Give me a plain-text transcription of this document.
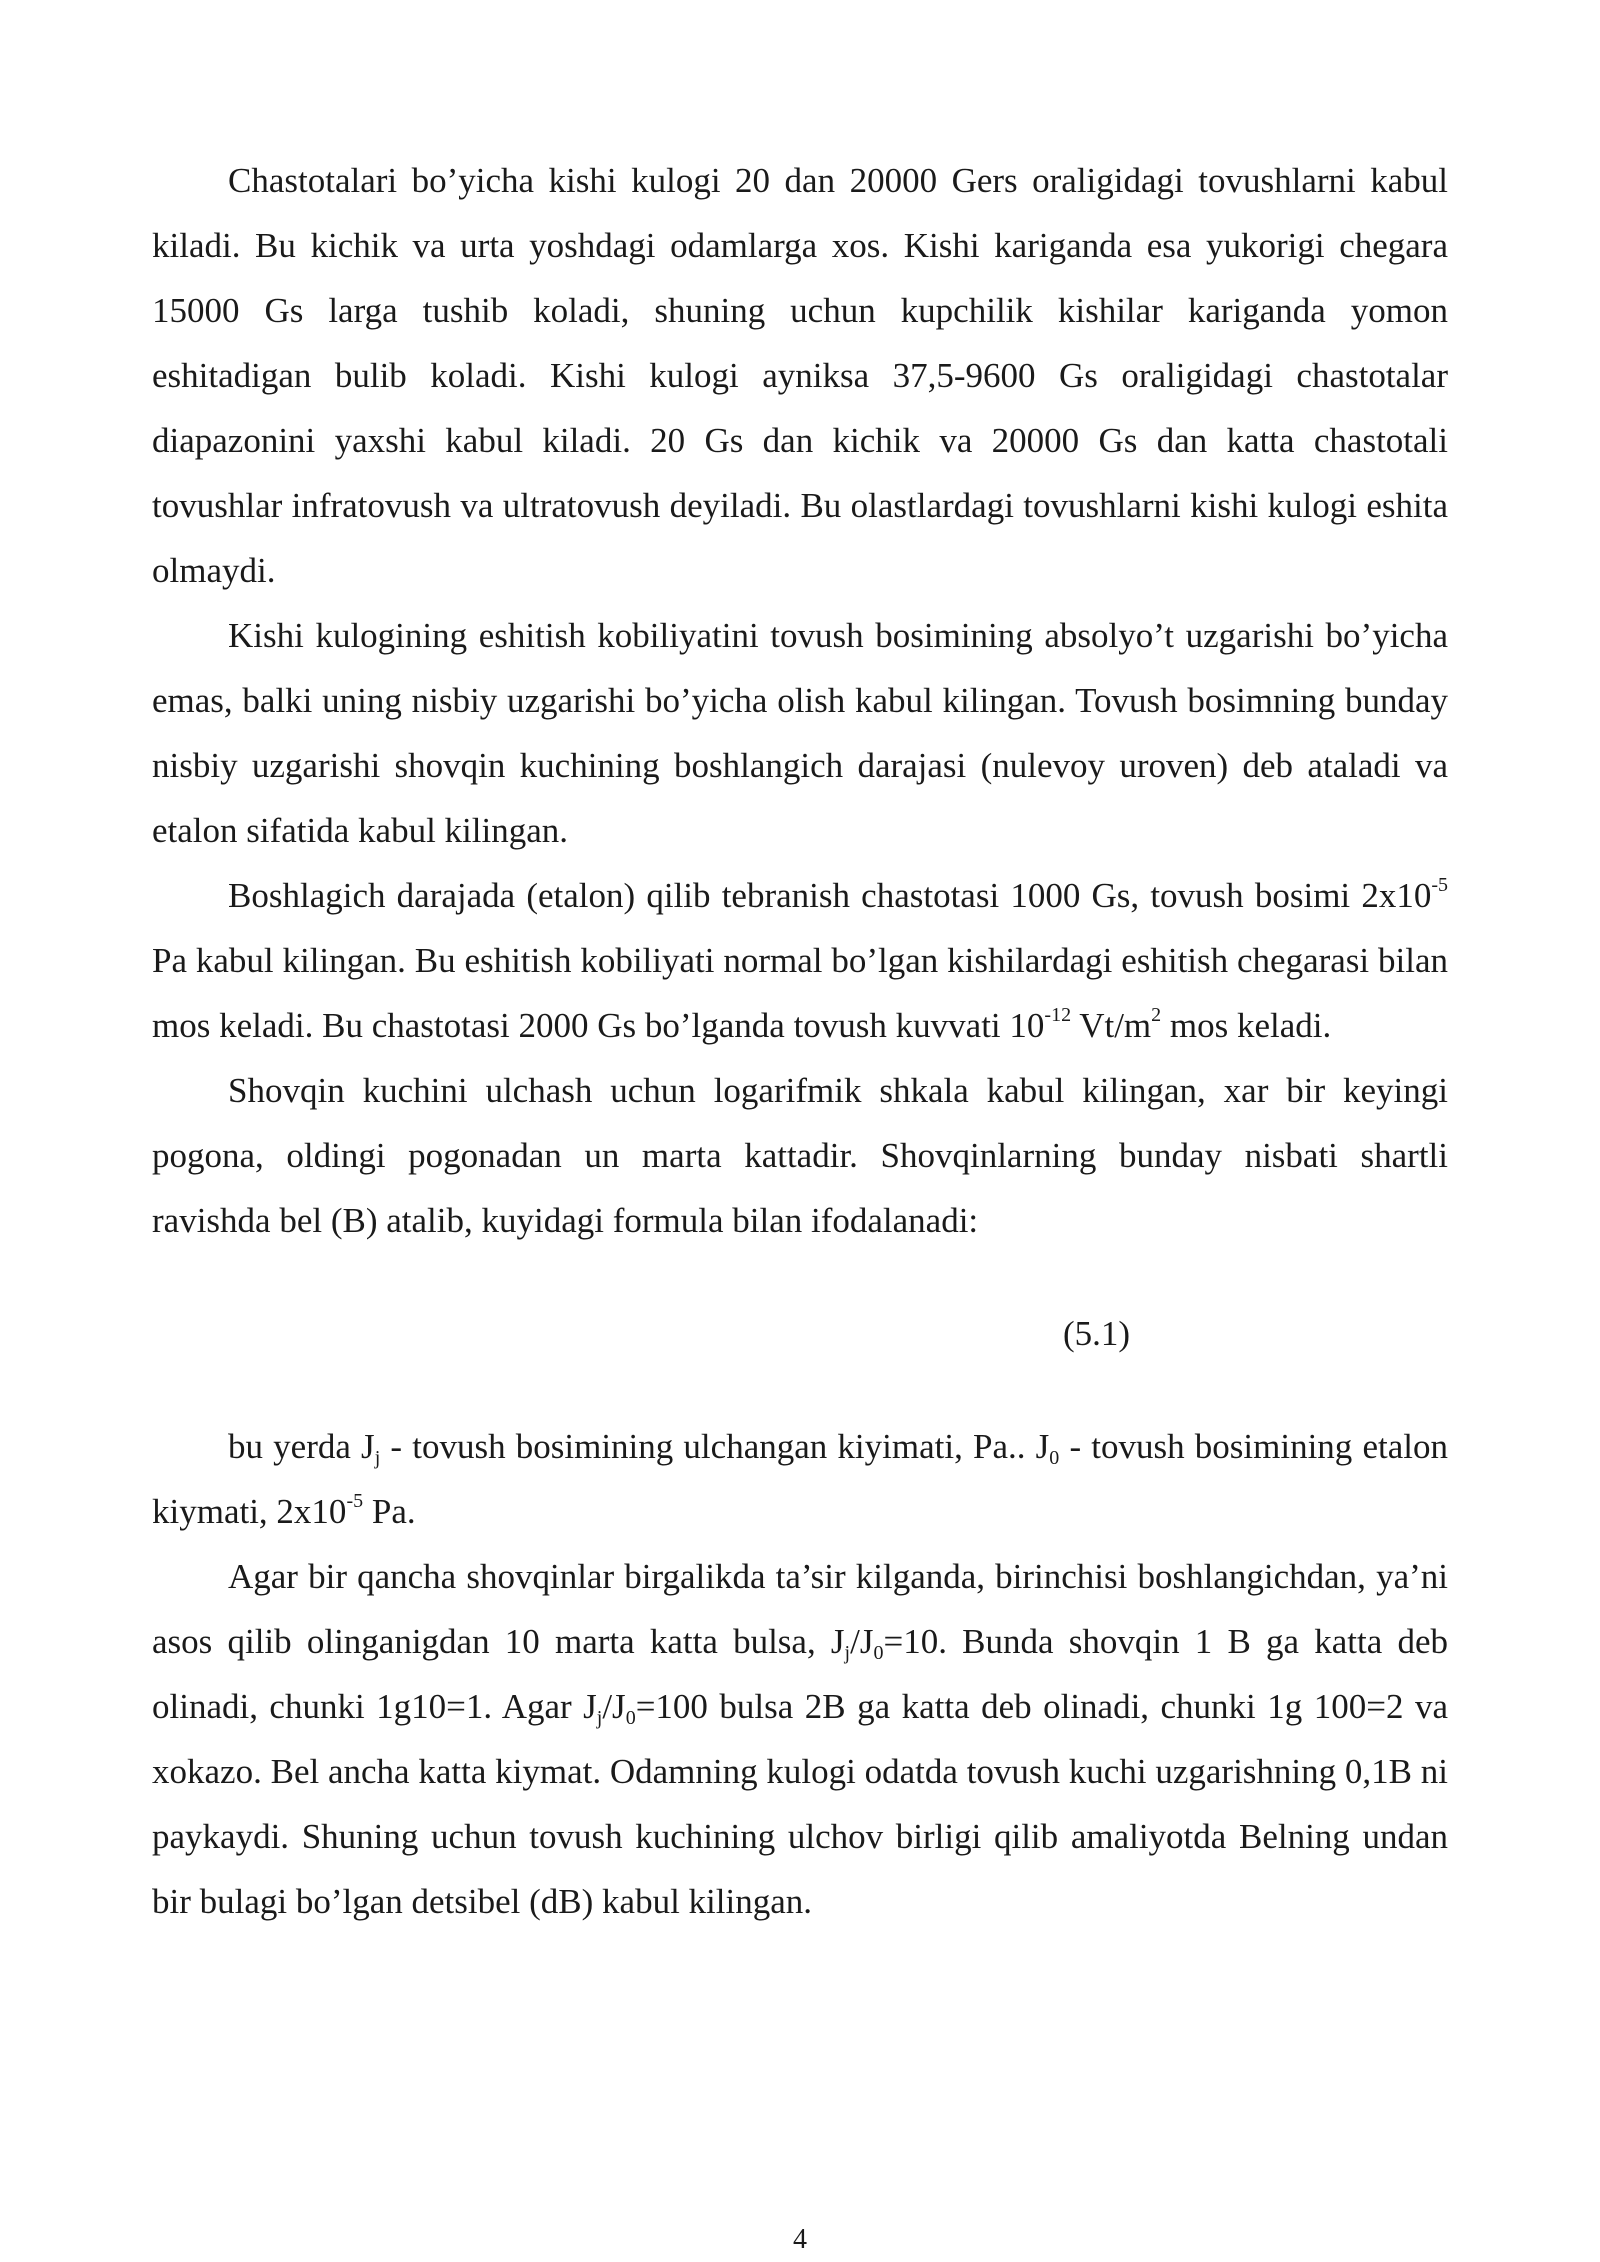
Chastotalari bo’yicha kishi kulogi 20 dan 20000 Gers oraligidagi tovushlarni kabul kiladi. Bu kichik va urta yoshdagi odamlarga xos. Kishi kariganda esa yukorigi chegara 15000 Gs larga tushib koladi, shuning uchun kupchilik kishilar kariganda yomon eshitadigan bulib koladi. Kishi kulogi ayniksa 37,5-9600 Gs oraligidagi chastotalar diapazonini yaxshi kabul kiladi. 20 Gs dan kichik va 20000 Gs dan katta chastotali tovushlar infratovush va ultratovush deyiladi. Bu olastlardagi tovushlarni kishi kulogi eshita olmaydi.

Kishi kulogining eshitish kobiliyatini tovush bosimining absolyo’t uzgarishi bo’yicha emas, balki uning nisbiy uzgarishi bo’yicha olish kabul kilingan. Tovush bosimning bunday nisbiy uzgarishi shovqin kuchining boshlangich darajasi (nulevoy uroven) deb ataladi va etalon sifatida kabul kilingan.

Boshlagich darajada (etalon) qilib tebranish chastotasi 1000 Gs, tovush bosimi $2x10^{-5}$ Pa kabul kilingan. Bu eshitish kobiliyati normal bo’lgan kishilardagi eshitish chegarasi bilan mos keladi. Bu chastotasi 2000 Gs bo’lganda tovush kuvvati $10^{-12}$ $Vt/m^2$ mos keladi.

Shovqin kuchini ulchash uchun logarifmik shkala kabul kilingan, xar bir keyingi pogona, oldingi pogonadan un marta kattadir. Shovqinlarning bunday nisbati shartli ravishda bel (B) atalib, kuyidagi formula bilan ifodalanadi:

(5.1)

bu yerda $J_j$ - tovush bosimining ulchangan kiyimati, Pa.. $J_0$ - tovush bosimining etalon kiymati, $2x10^{-5}$ Pa.

Agar bir qancha shovqinlar birgalikda ta’sir kilganda, birinchisi boshlangichdan, ya’ni asos qilib olinganigdan 10 marta katta bulsa, $J_j/J_0=10$. Bunda shovqin 1 B ga katta deb olinadi, chunki 1g10=1. Agar $J_j/J_0=100$ bulsa 2B ga katta deb olinadi, chunki 1g 100=2 va xokazo. Bel ancha katta kiymat. Odamning kulogi odatda tovush kuchi uzgarishning 0,1B ni paykaydi. Shuning uchun tovush kuchining ulchov birligi qilib amaliyotda Belning undan bir bulagi bo’lgan detsibel (dB) kabul kilingan.

4
